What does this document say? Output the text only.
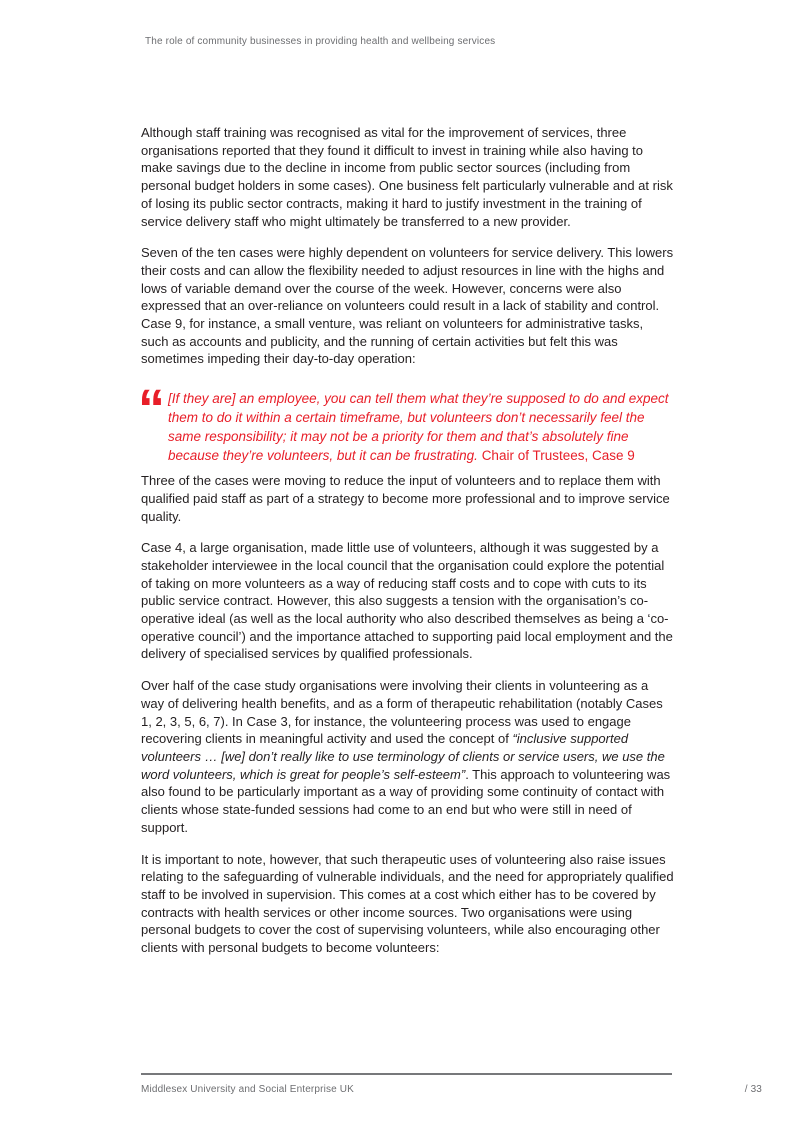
The role of community businesses in providing health and wellbeing services

Although staff training was recognised as vital for the improvement of services, three organisations reported that they found it difficult to invest in training while also having to make savings due to the decline in income from public sector sources (including from personal budget holders in some cases). One business felt particularly vulnerable and at risk of losing its public sector contracts, making it hard to justify investment in the training of service delivery staff who might ultimately be transferred to a new provider.

Seven of the ten cases were highly dependent on volunteers for service delivery. This lowers their costs and can allow the flexibility needed to adjust resources in line with the highs and lows of variable demand over the course of the week. However, concerns were also expressed that an over-reliance on volunteers could result in a lack of stability and control. Case 9, for instance, a small venture, was reliant on volunteers for administrative tasks, such as accounts and publicity, and the running of certain activities but felt this was sometimes impeding their day-to-day operation:

“ [If they are] an employee, you can tell them what they’re supposed to do and expect them to do it within a certain timeframe, but volunteers don’t necessarily feel the same responsibility; it may not be a priority for them and that’s absolutely fine because they’re volunteers, but it can be frustrating. Chair of Trustees, Case 9

Three of the cases were moving to reduce the input of volunteers and to replace them with qualified paid staff as part of a strategy to become more professional and to improve service quality.

Case 4, a large organisation, made little use of volunteers, although it was suggested by a stakeholder interviewee in the local council that the organisation could explore the potential of taking on more volunteers as a way of reducing staff costs and to cope with cuts to its public service contract. However, this also suggests a tension with the organisation’s co-operative ideal (as well as the local authority who also described themselves as being a ‘co-operative council’) and the importance attached to supporting paid local employment and the delivery of specialised services by qualified professionals.

Over half of the case study organisations were involving their clients in volunteering as a way of delivering health benefits, and as a form of therapeutic rehabilitation (notably Cases 1, 2, 3, 5, 6, 7). In Case 3, for instance, the volunteering process was used to engage recovering clients in meaningful activity and used the concept of “inclusive supported volunteers … [we] don’t really like to use terminology of clients or service users, we use the word volunteers, which is great for people’s self-esteem”. This approach to volunteering was also found to be particularly important as a way of providing some continuity of contact with clients whose state-funded sessions had come to an end but who were still in need of support.

It is important to note, however, that such therapeutic uses of volunteering also raise issues relating to the safeguarding of vulnerable individuals, and the need for appropriately qualified staff to be involved in supervision. This comes at a cost which either has to be covered by contracts with health services or other income sources. Two organisations were using personal budgets to cover the cost of supervising volunteers, while also encouraging other clients with personal budgets to become volunteers:

Middlesex University and Social Enterprise UK	/ 33
